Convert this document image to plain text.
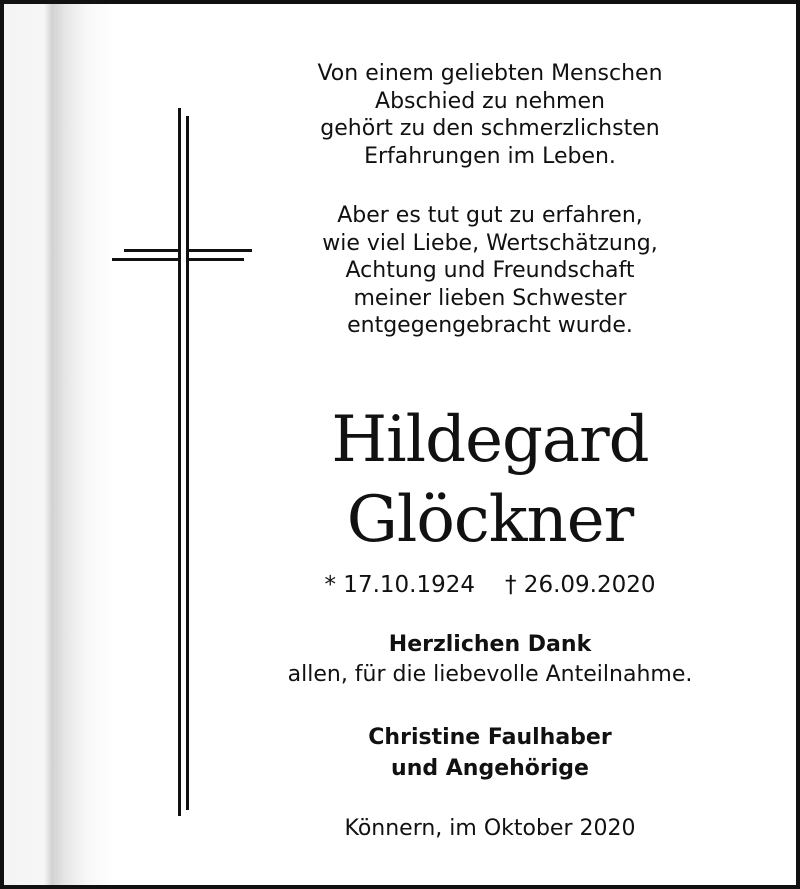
Von einem geliebten Menschen
Abschied zu nehmen
gehört zu den schmerzlichsten
Erfahrungen im Leben.
Aber es tut gut zu erfahren,
wie viel Liebe, Wertschätzung,
Achtung und Freundschaft
meiner lieben Schwester
entgegengebracht wurde.
Hildegard
Glöckner
* 17.10.1924 † 26.09.2020
Herzlichen Dank
allen, für die liebevolle Anteilnahme.
Christine Faulhaber
und Angehörige
Könnern, im Oktober 2020
